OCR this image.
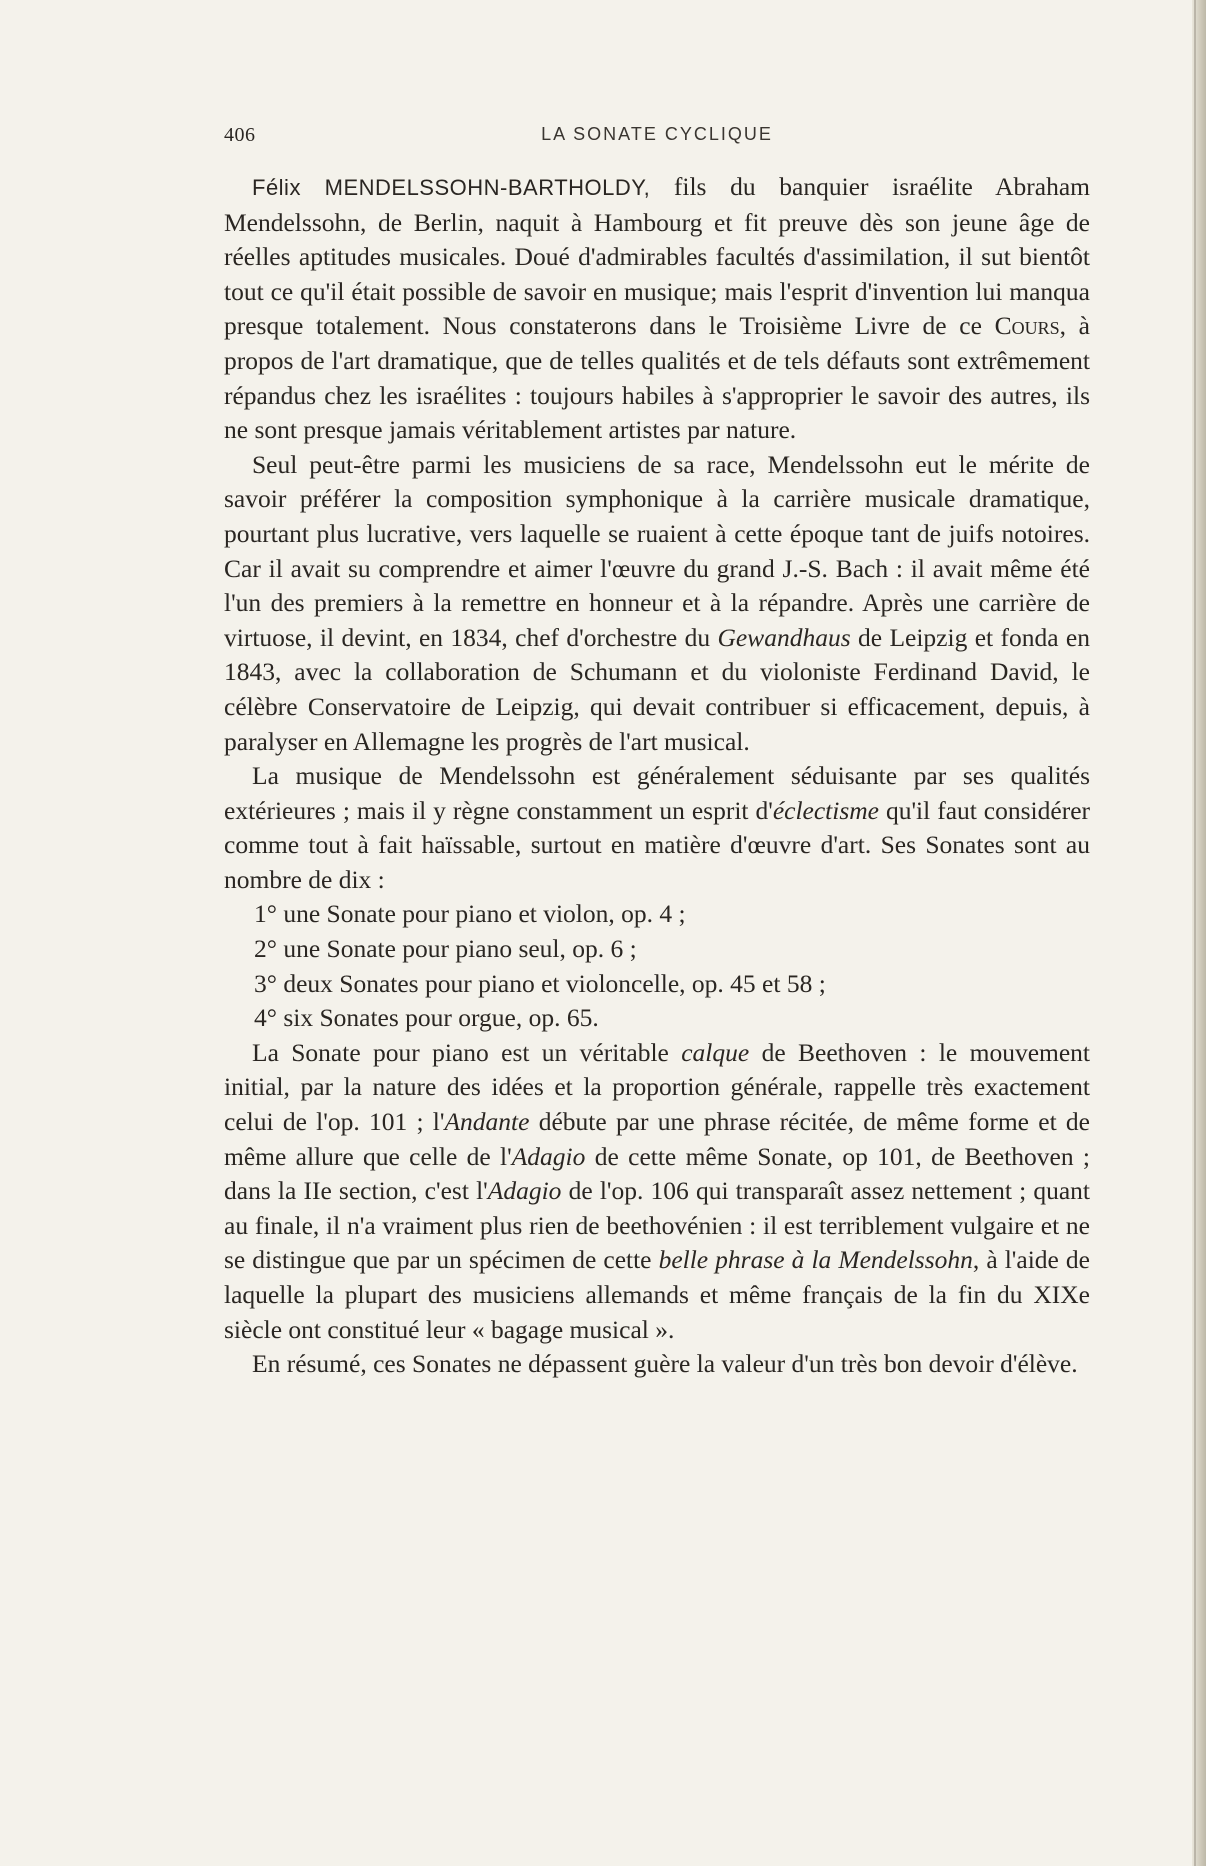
406	LA SONATE CYCLIQUE

Félix MENDELSSOHN-BARTHOLDY, fils du banquier israélite Abraham Mendelssohn, de Berlin, naquit à Hambourg et fit preuve dès son jeune âge de réelles aptitudes musicales. Doué d'admirables facultés d'assimilation, il sut bientôt tout ce qu'il était possible de savoir en musique; mais l'esprit d'invention lui manqua presque totalement. Nous constaterons dans le Troisième Livre de ce Cours, à propos de l'art dramatique, que de telles qualités et de tels défauts sont extrêmement répandus chez les israélites : toujours habiles à s'approprier le savoir des autres, ils ne sont presque jamais véritablement artistes par nature.

Seul peut-être parmi les musiciens de sa race, Mendelssohn eut le mérite de savoir préférer la composition symphonique à la carrière musicale dramatique, pourtant plus lucrative, vers laquelle se ruaient à cette époque tant de juifs notoires. Car il avait su comprendre et aimer l'œuvre du grand J.-S. Bach : il avait même été l'un des premiers à la remettre en honneur et à la répandre. Après une carrière de virtuose, il devint, en 1834, chef d'orchestre du Gewandhaus de Leipzig et fonda en 1843, avec la collaboration de Schumann et du violoniste Ferdinand David, le célèbre Conservatoire de Leipzig, qui devait contribuer si efficacement, depuis, à paralyser en Allemagne les progrès de l'art musical.

La musique de Mendelssohn est généralement séduisante par ses qualités extérieures ; mais il y règne constamment un esprit d'éclectisme qu'il faut considérer comme tout à fait haïssable, surtout en matière d'œuvre d'art. Ses Sonates sont au nombre de dix :

1° une Sonate pour piano et violon, op. 4 ;
2° une Sonate pour piano seul, op. 6 ;
3° deux Sonates pour piano et violoncelle, op. 45 et 58 ;
4° six Sonates pour orgue, op. 65.

La Sonate pour piano est un véritable calque de Beethoven : le mouvement initial, par la nature des idées et la proportion générale, rappelle très exactement celui de l'op. 101 ; l'Andante débute par une phrase récitée, de même forme et de même allure que celle de l'Adagio de cette même Sonate, op 101, de Beethoven ; dans la IIe section, c'est l'Adagio de l'op. 106 qui transparaît assez nettement ; quant au finale, il n'a vraiment plus rien de beethovénien : il est terriblement vulgaire et ne se distingue que par un spécimen de cette belle phrase à la Mendelssohn, à l'aide de laquelle la plupart des musiciens allemands et même français de la fin du XIXe siècle ont constitué leur « bagage musical ».

En résumé, ces Sonates ne dépassent guère la valeur d'un très bon devoir d'élève.
